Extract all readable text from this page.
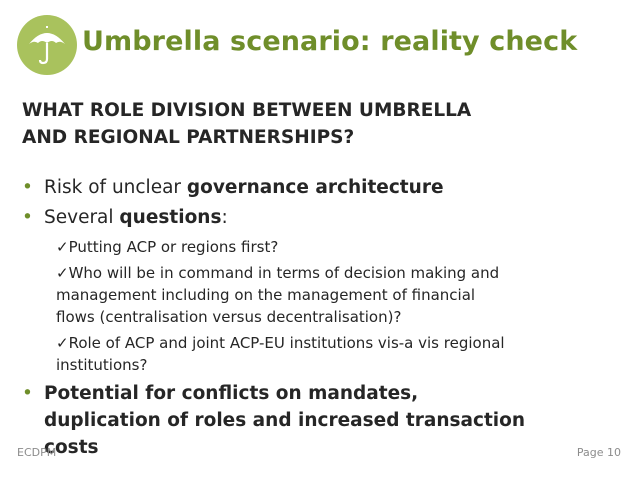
Umbrella scenario: reality check
WHAT ROLE DIVISION BETWEEN UMBRELLA
AND REGIONAL PARTNERSHIPS?
• Risk of unclear governance architecture
• Several questions:
✓Putting ACP or regions first?
✓Who will be in command in terms of decision making and
management including on the management of financial
flows (centralisation versus decentralisation)?
✓Role of ACP and joint ACP-EU institutions vis-a vis regional
institutions?
• Potential for conflicts on mandates,
duplication of roles and increased transaction
costs
ECDPM	Page 10
